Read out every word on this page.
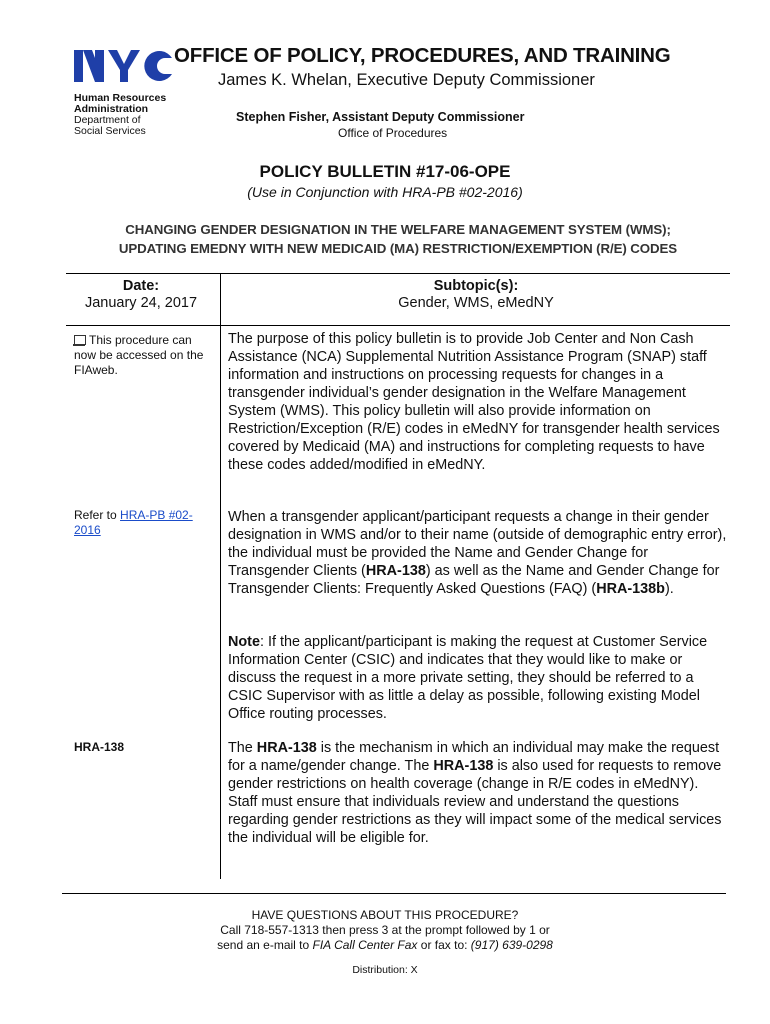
Human Resources
Administration
Department of
Social Services
OFFICE OF POLICY, PROCEDURES, AND TRAINING
James K. Whelan, Executive Deputy Commissioner
Stephen Fisher, Assistant Deputy Commissioner
Office of Procedures
POLICY BULLETIN #17-06-OPE
(Use in Conjunction with HRA-PB #02-2016)
CHANGING GENDER DESIGNATION IN THE WELFARE MANAGEMENT SYSTEM (WMS);
UPDATING EMEDNY WITH NEW MEDICAID (MA) RESTRICTION/EXEMPTION (R/E) CODES
Date:
January 24, 2017
Subtopic(s):
Gender, WMS, eMedNY
This procedure can now be accessed on the FIAweb.
Refer to HRA-PB #02-2016
HRA-138
The purpose of this policy bulletin is to provide Job Center and Non Cash Assistance (NCA) Supplemental Nutrition Assistance Program (SNAP) staff information and instructions on processing requests for changes in a transgender individual’s gender designation in the Welfare Management System (WMS). This policy bulletin will also provide information on Restriction/Exception (R/E) codes in eMedNY for transgender health services covered by Medicaid (MA) and instructions for completing requests to have these codes added/modified in eMedNY.
When a transgender applicant/participant requests a change in their gender designation in WMS and/or to their name (outside of demographic entry error), the individual must be provided the Name and Gender Change for Transgender Clients (HRA-138) as well as the Name and Gender Change for Transgender Clients: Frequently Asked Questions (FAQ) (HRA-138b).
Note: If the applicant/participant is making the request at Customer Service Information Center (CSIC) and indicates that they would like to make or discuss the request in a more private setting, they should be referred to a CSIC Supervisor with as little a delay as possible, following existing Model Office routing processes.
The HRA-138 is the mechanism in which an individual may make the request for a name/gender change. The HRA-138 is also used for requests to remove gender restrictions on health coverage (change in R/E codes in eMedNY). Staff must ensure that individuals review and understand the questions regarding gender restrictions as they will impact some of the medical services the individual will be eligible for.
HAVE QUESTIONS ABOUT THIS PROCEDURE?
Call 718-557-1313 then press 3 at the prompt followed by 1 or
send an e-mail to FIA Call Center Fax or fax to: (917) 639-0298
Distribution: X
